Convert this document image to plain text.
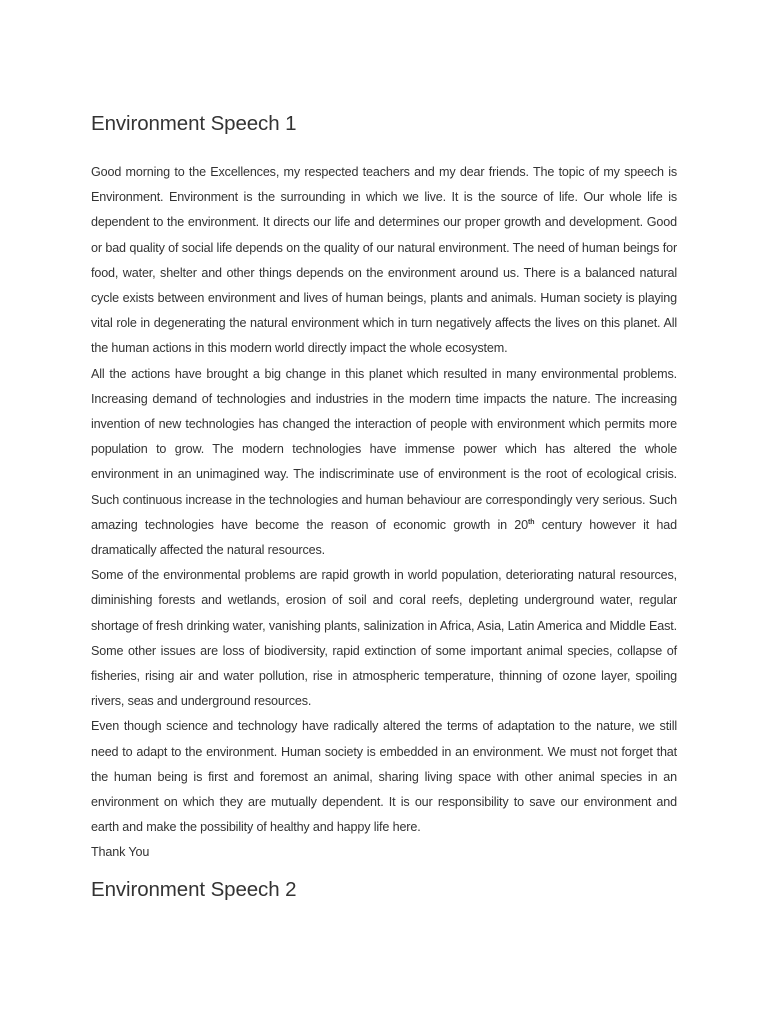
Environment Speech 1

Good morning to the Excellences, my respected teachers and my dear friends. The topic of my speech is Environment. Environment is the surrounding in which we live. It is the source of life. Our whole life is dependent to the environment. It directs our life and determines our proper growth and development. Good or bad quality of social life depends on the quality of our natural environment. The need of human beings for food, water, shelter and other things depends on the environment around us. There is a balanced natural cycle exists between environment and lives of human beings, plants and animals. Human society is playing vital role in degenerating the natural environment which in turn negatively affects the lives on this planet. All the human actions in this modern world directly impact the whole ecosystem.

All the actions have brought a big change in this planet which resulted in many environmental problems. Increasing demand of technologies and industries in the modern time impacts the nature. The increasing invention of new technologies has changed the interaction of people with environment which permits more population to grow. The modern technologies have immense power which has altered the whole environment in an unimagined way. The indiscriminate use of environment is the root of ecological crisis. Such continuous increase in the technologies and human behaviour are correspondingly very serious. Such amazing technologies have become the reason of economic growth in 20th century however it had dramatically affected the natural resources.

Some of the environmental problems are rapid growth in world population, deteriorating natural resources, diminishing forests and wetlands, erosion of soil and coral reefs, depleting underground water, regular shortage of fresh drinking water, vanishing plants, salinization in Africa, Asia, Latin America and Middle East. Some other issues are loss of biodiversity, rapid extinction of some important animal species, collapse of fisheries, rising air and water pollution, rise in atmospheric temperature, thinning of ozone layer, spoiling rivers, seas and underground resources.

Even though science and technology have radically altered the terms of adaptation to the nature, we still need to adapt to the environment. Human society is embedded in an environment. We must not forget that the human being is first and foremost an animal, sharing living space with other animal species in an environment on which they are mutually dependent. It is our responsibility to save our environment and earth and make the possibility of healthy and happy life here.

Thank You

Environment Speech 2
